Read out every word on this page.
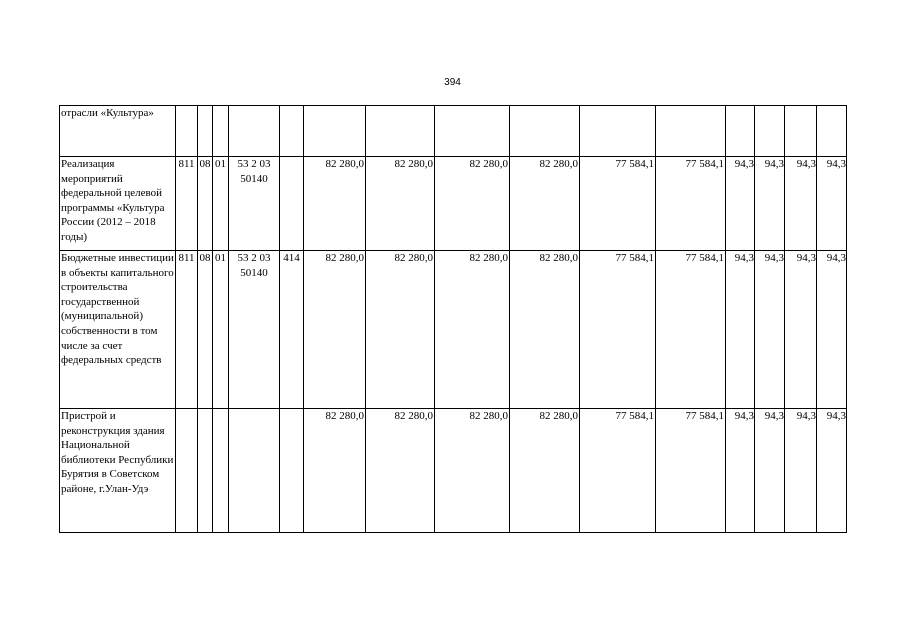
394
отрасли «Культура»															
Реализация мероприятий федеральной целевой программы «Культура России (2012 – 2018 годы)	811	08	01	53 2 03 50140		82 280,0	82 280,0	82 280,0	82 280,0	77 584,1	77 584,1	94,3	94,3	94,3	94,3
Бюджетные инвестиции в объекты капитального строительства государственной (муниципальной) собственности в том числе за счет федеральных средств	811	08	01	53 2 03 50140	414	82 280,0	82 280,0	82 280,0	82 280,0	77 584,1	77 584,1	94,3	94,3	94,3	94,3
Пристрой и реконструкция здания Национальной библиотеки Республики Бурятия в Советском районе, г.Улан-Удэ						82 280,0	82 280,0	82 280,0	82 280,0	77 584,1	77 584,1	94,3	94,3	94,3	94,3
